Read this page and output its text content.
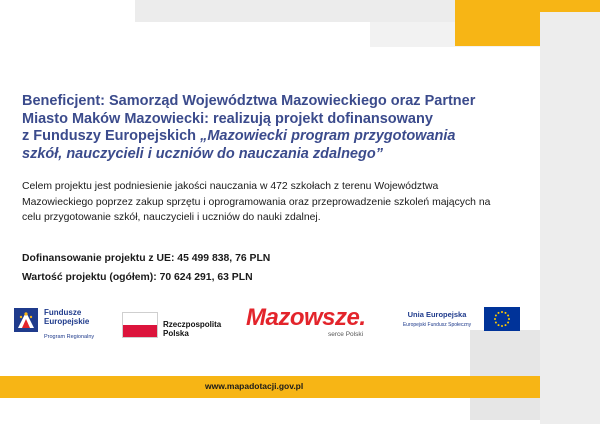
Beneficjent: Samorząd Województwa Mazowieckiego oraz Partner
Miasto Maków Mazowiecki: realizują projekt dofinansowany
z Funduszy Europejskich „Mazowiecki program przygotowania
szkół, nauczycieli i uczniów do nauczania zdalnego”

Celem projektu jest podniesienie jakości nauczania w 472 szkołach z terenu Województwa Mazowieckiego poprzez zakup sprzętu i oprogramowania oraz przeprowadzenie szkoleń mających na celu przygotowanie szkół, nauczycieli i uczniów do nauki zdalnej.

Dofinansowanie projektu z UE: 45 499 838, 76 PLN

Wartość projektu (ogółem): 70 624 291, 63 PLN

Fundusze
Europejskie
Program Regionalny
Rzeczpospolita
Polska
Mazowsze.
serce Polski
Unia Europejska
Europejski Fundusz Społeczny
www.mapadotacji.gov.pl
